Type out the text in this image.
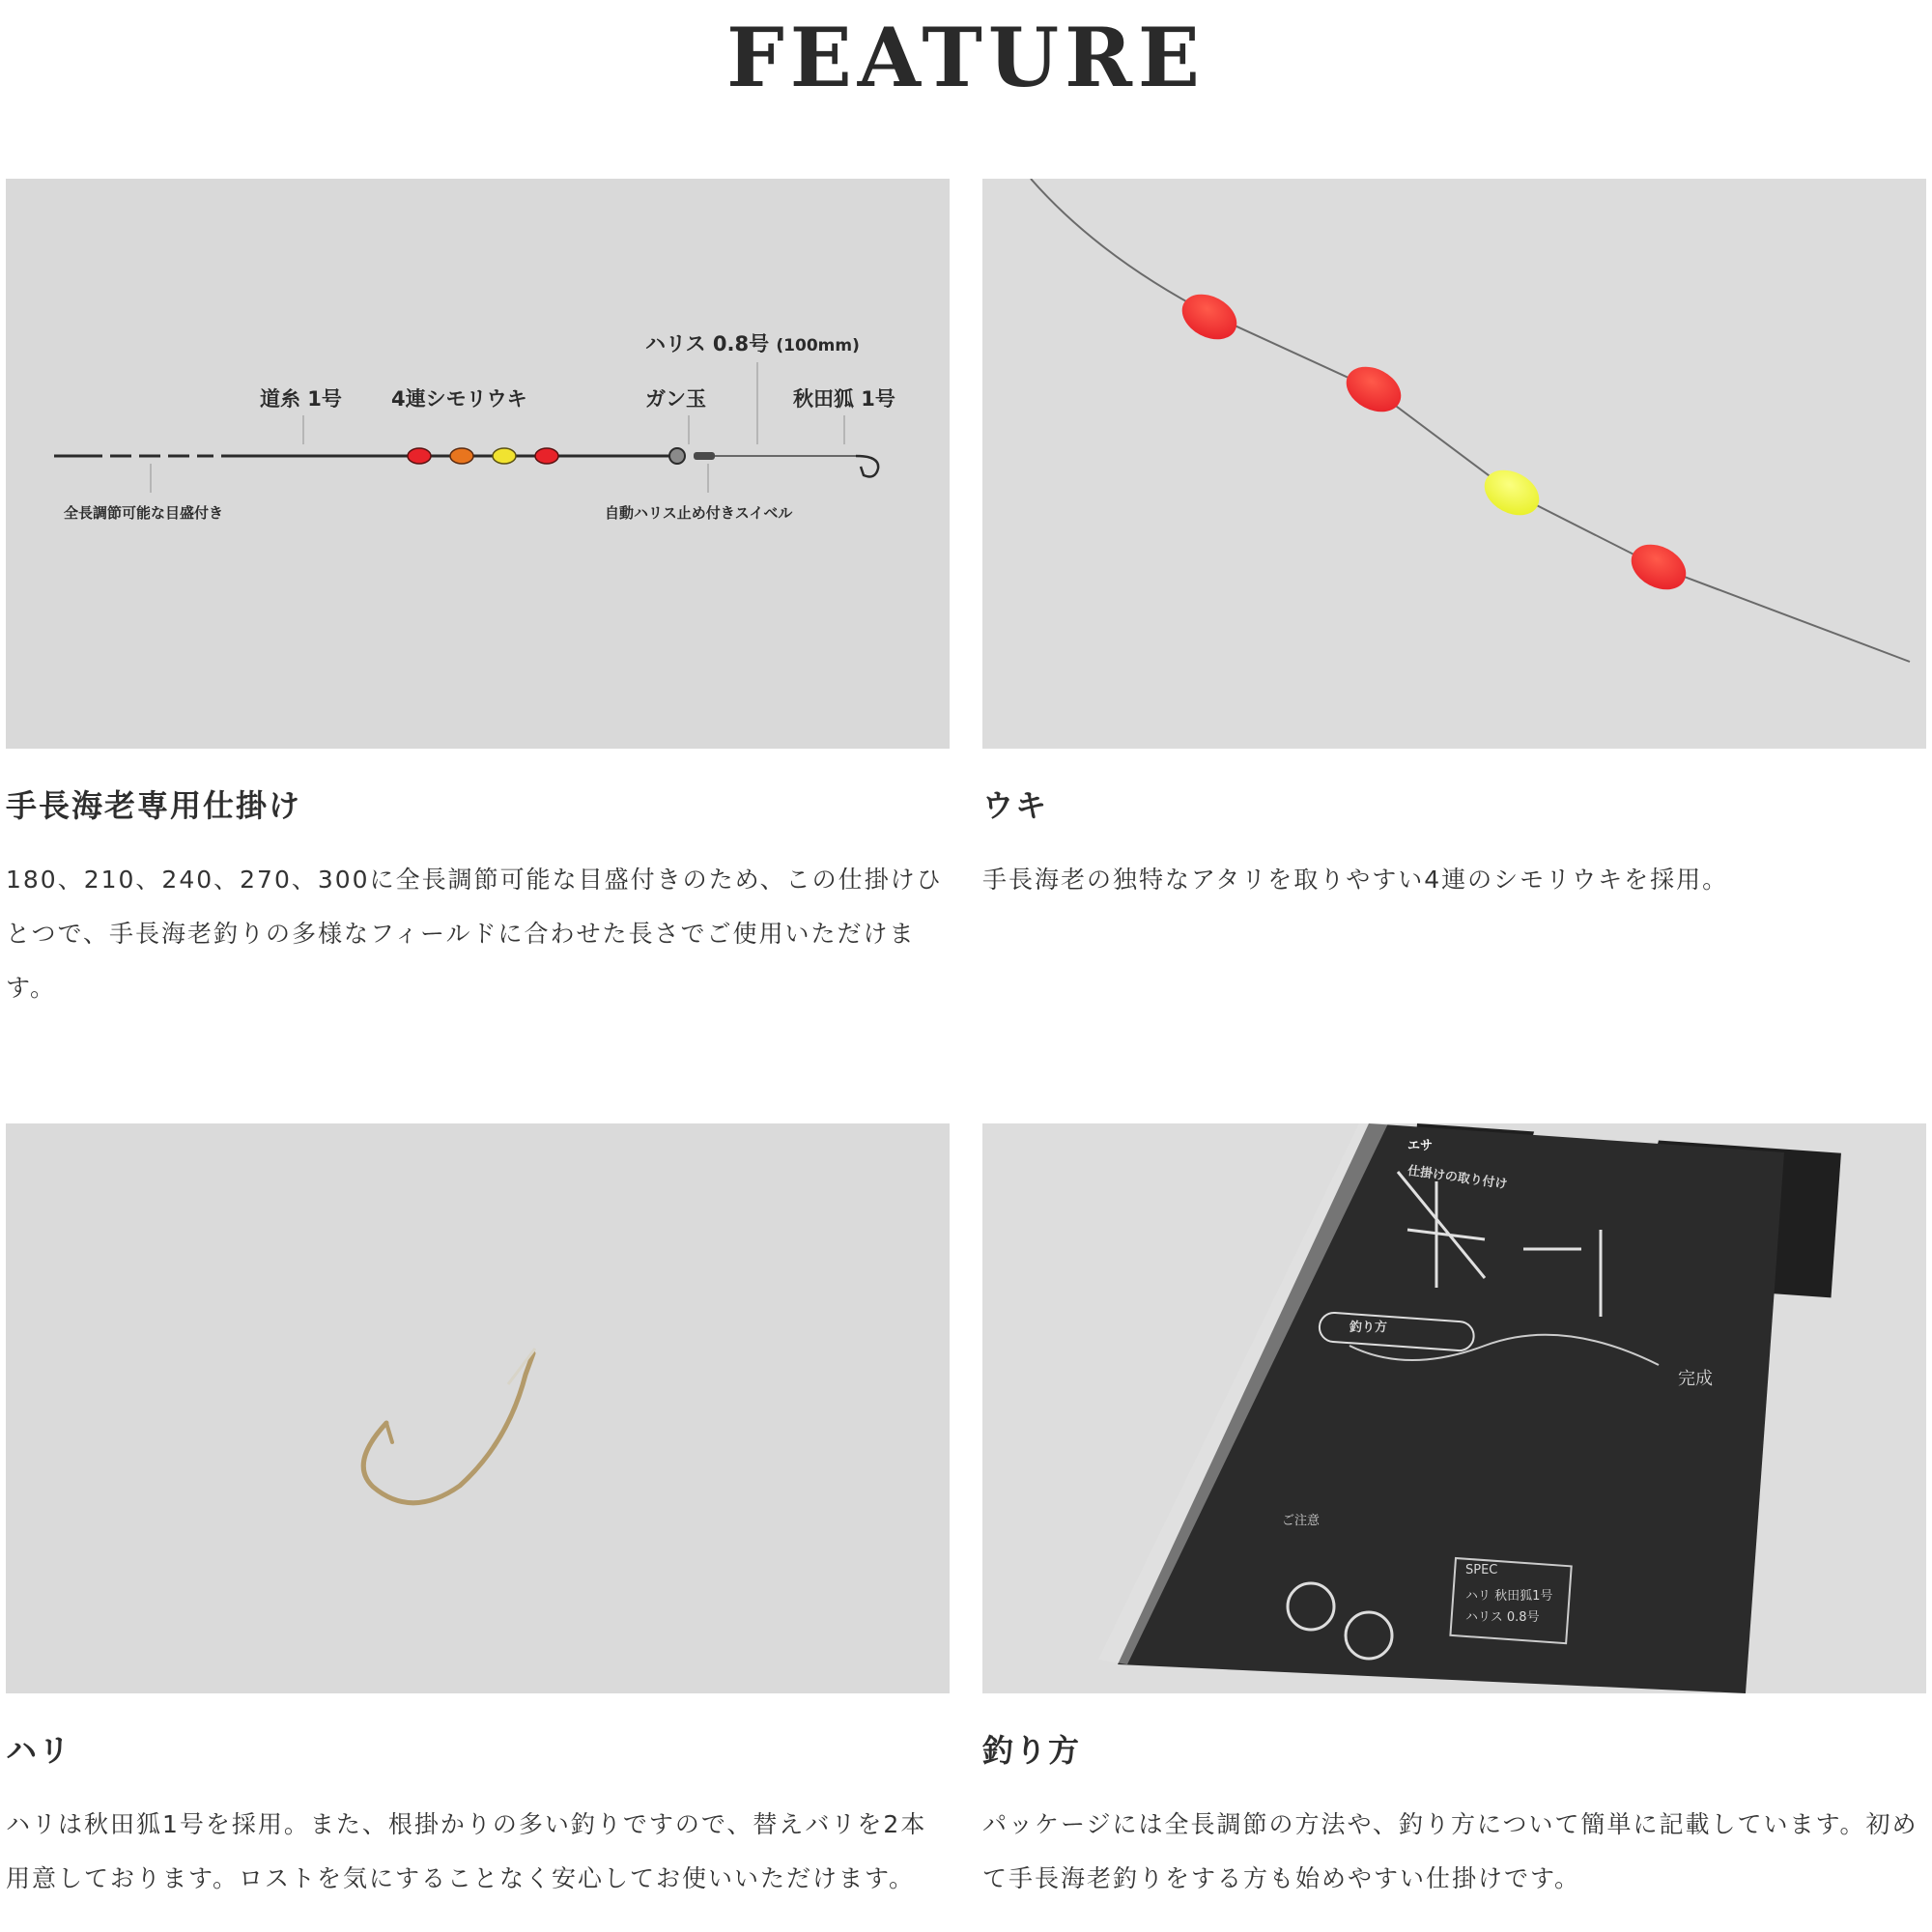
FEATURE
ハリス 0.8号 (100mm)
道糸 1号 4連シモリウキ	ガン玉	秋田狐 1号
全長調節可能な目盛付き	自動ハリス止め付きスイベル
手長海老専用仕掛け

180、210、240、270、300に全長調節可能な目盛付きのため、この仕掛けひとつで、手長海老釣りの多様なフィールドに合わせた長さでご使用いただけます。

ウキ

手長海老の独特なアタリを取りやすい4連のシモリウキを採用。

ハリ

ハリは秋田狐1号を採用。また、根掛かりの多い釣りですので、替えバリを2本用意しております。ロストを気にすることなく安心してお使いいただけます。

エサ
仕掛けの取り付け
釣り方
完成
ご注意
SPEC
ハリ 秋田狐1号
ハリス 0.8号
釣り方

パッケージには全長調節の方法や、釣り方について簡単に記載しています。初めて手長海老釣りをする方も始めやすい仕掛けです。
